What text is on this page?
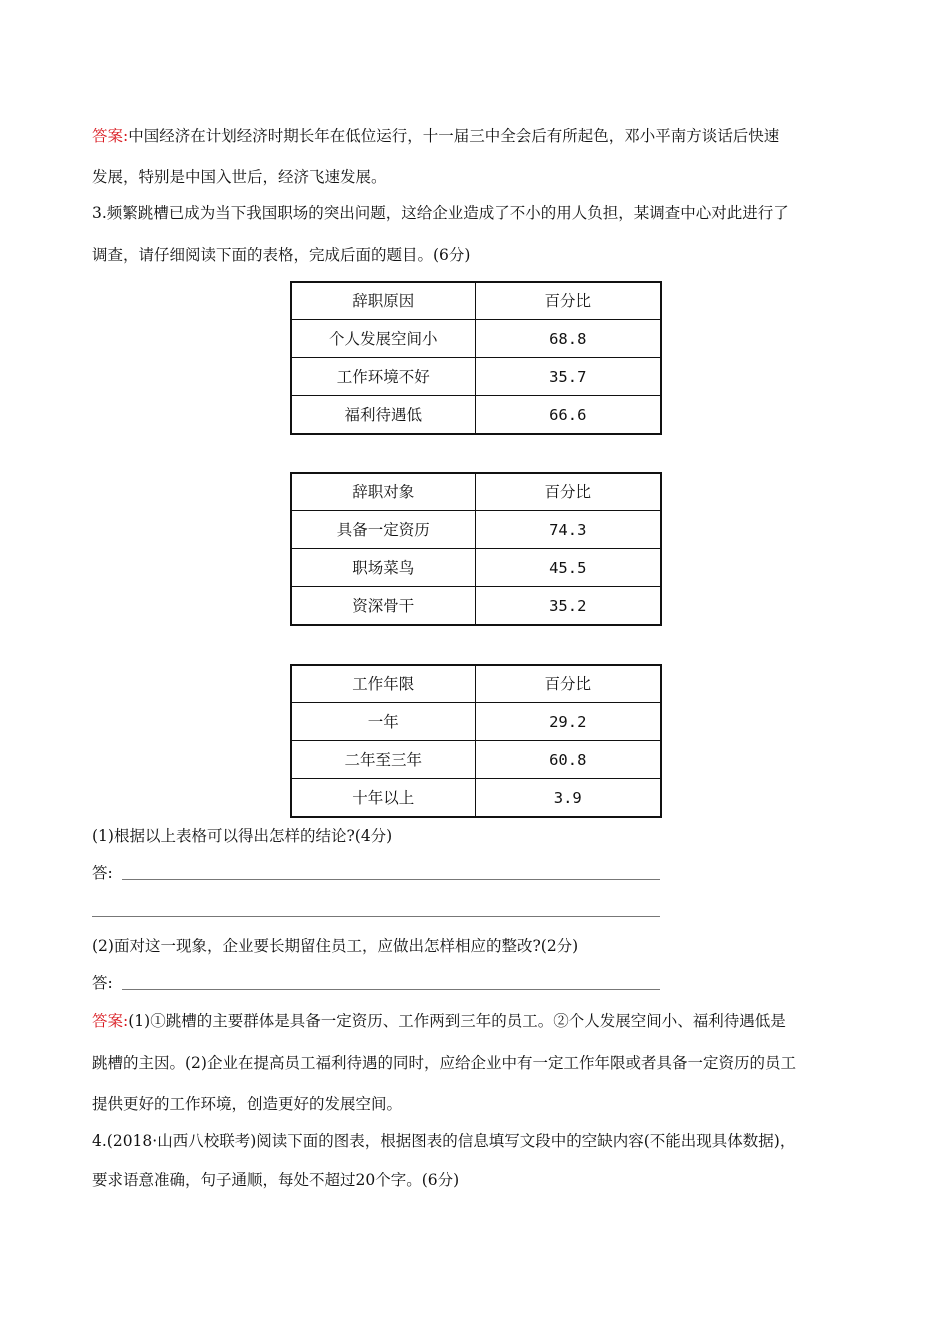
答案:中国经济在计划经济时期长年在低位运行，十一届三中全会后有所起色，邓小平南方谈话后快速
发展，特别是中国入世后，经济飞速发展。
3.频繁跳槽已成为当下我国职场的突出问题，这给企业造成了不小的用人负担，某调查中心对此进行了
调查，请仔细阅读下面的表格，完成后面的题目。(6分)
辞职原因	百分比
个人发展空间小	68.8
工作环境不好	35.7
福利待遇低	66.6
辞职对象	百分比
具备一定资历	74.3
职场菜鸟	45.5
资深骨干	35.2
工作年限	百分比
一年	29.2
二年至三年	60.8
十年以上	3.9
(1)根据以上表格可以得出怎样的结论?(4分)
答:
(2)面对这一现象，企业要长期留住员工，应做出怎样相应的整改?(2分)
答:
答案:(1)①跳槽的主要群体是具备一定资历、工作两到三年的员工。②个人发展空间小、福利待遇低是
跳槽的主因。(2)企业在提高员工福利待遇的同时，应给企业中有一定工作年限或者具备一定资历的员工
提供更好的工作环境，创造更好的发展空间。
4.(2018·山西八校联考)阅读下面的图表，根据图表的信息填写文段中的空缺内容(不能出现具体数据)，
要求语意准确，句子通顺，每处不超过20个字。(6分)
